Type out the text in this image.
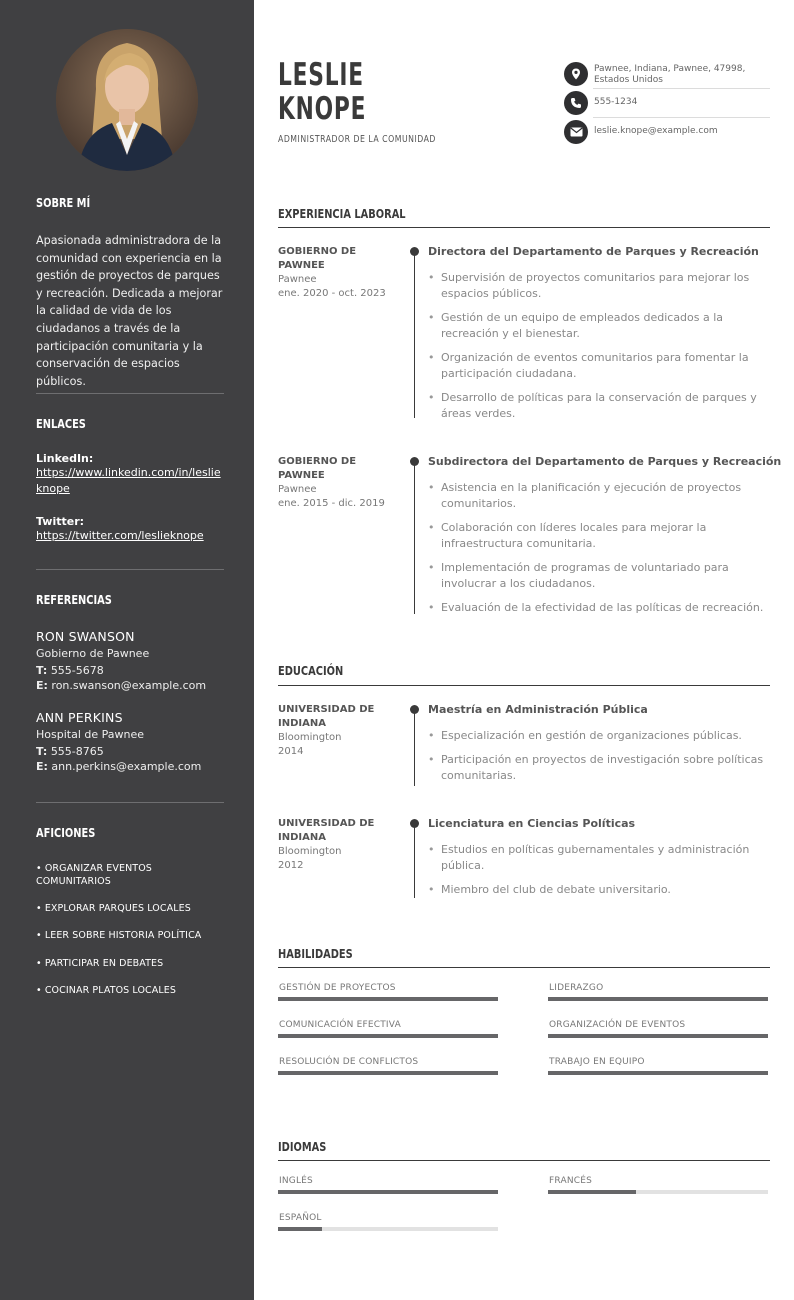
SOBRE MÍ

Apasionada administradora de la comunidad con experiencia en la gestión de proyectos de parques y recreación. Dedicada a mejorar la calidad de vida de los ciudadanos a través de la participación comunitaria y la conservación de espacios públicos.

ENLACES
LinkedIn:
https://www.linkedin.com/in/leslieknope
Twitter:
https://twitter.com/leslieknope
REFERENCIAS
RON SWANSON
Gobierno de Pawnee
T: 555-5678
E: ron.swanson@example.com
ANN PERKINS
Hospital de Pawnee
T: 555-8765
E: ann.perkins@example.com
AFICIONES
• ORGANIZAR EVENTOS COMUNITARIOS
• EXPLORAR PARQUES LOCALES
• LEER SOBRE HISTORIA POLÍTICA
• PARTICIPAR EN DEBATES
• COCINAR PLATOS LOCALES
LESLIE
KNOPE
ADMINISTRADOR DE LA COMUNIDAD
Pawnee, Indiana, Pawnee, 47998, Estados Unidos
555-1234
leslie.knope@example.com
EXPERIENCIA LABORAL
GOBIERNO DE PAWNEE
Pawnee
ene. 2020 - oct. 2023
Directora del Departamento de Parques y Recreación
• Supervisión de proyectos comunitarios para mejorar los espacios públicos.
• Gestión de un equipo de empleados dedicados a la recreación y el bienestar.
• Organización de eventos comunitarios para fomentar la participación ciudadana.
• Desarrollo de políticas para la conservación de parques y áreas verdes.
GOBIERNO DE PAWNEE
Pawnee
ene. 2015 - dic. 2019
Subdirectora del Departamento de Parques y Recreación
• Asistencia en la planificación y ejecución de proyectos comunitarios.
• Colaboración con líderes locales para mejorar la infraestructura comunitaria.
• Implementación de programas de voluntariado para involucrar a los ciudadanos.
• Evaluación de la efectividad de las políticas de recreación.
EDUCACIÓN
UNIVERSIDAD DE INDIANA
Bloomington
2014
Maestría en Administración Pública
• Especialización en gestión de organizaciones públicas.
• Participación en proyectos de investigación sobre políticas comunitarias.
UNIVERSIDAD DE INDIANA
Bloomington
2012
Licenciatura en Ciencias Políticas
• Estudios en políticas gubernamentales y administración pública.
• Miembro del club de debate universitario.
HABILIDADES
GESTIÓN DE PROYECTOS	LIDERAZGO
COMUNICACIÓN EFECTIVA	ORGANIZACIÓN DE EVENTOS
RESOLUCIÓN DE CONFLICTOS	TRABAJO EN EQUIPO
IDIOMAS
INGLÉS	FRANCÉS
ESPAÑOL
